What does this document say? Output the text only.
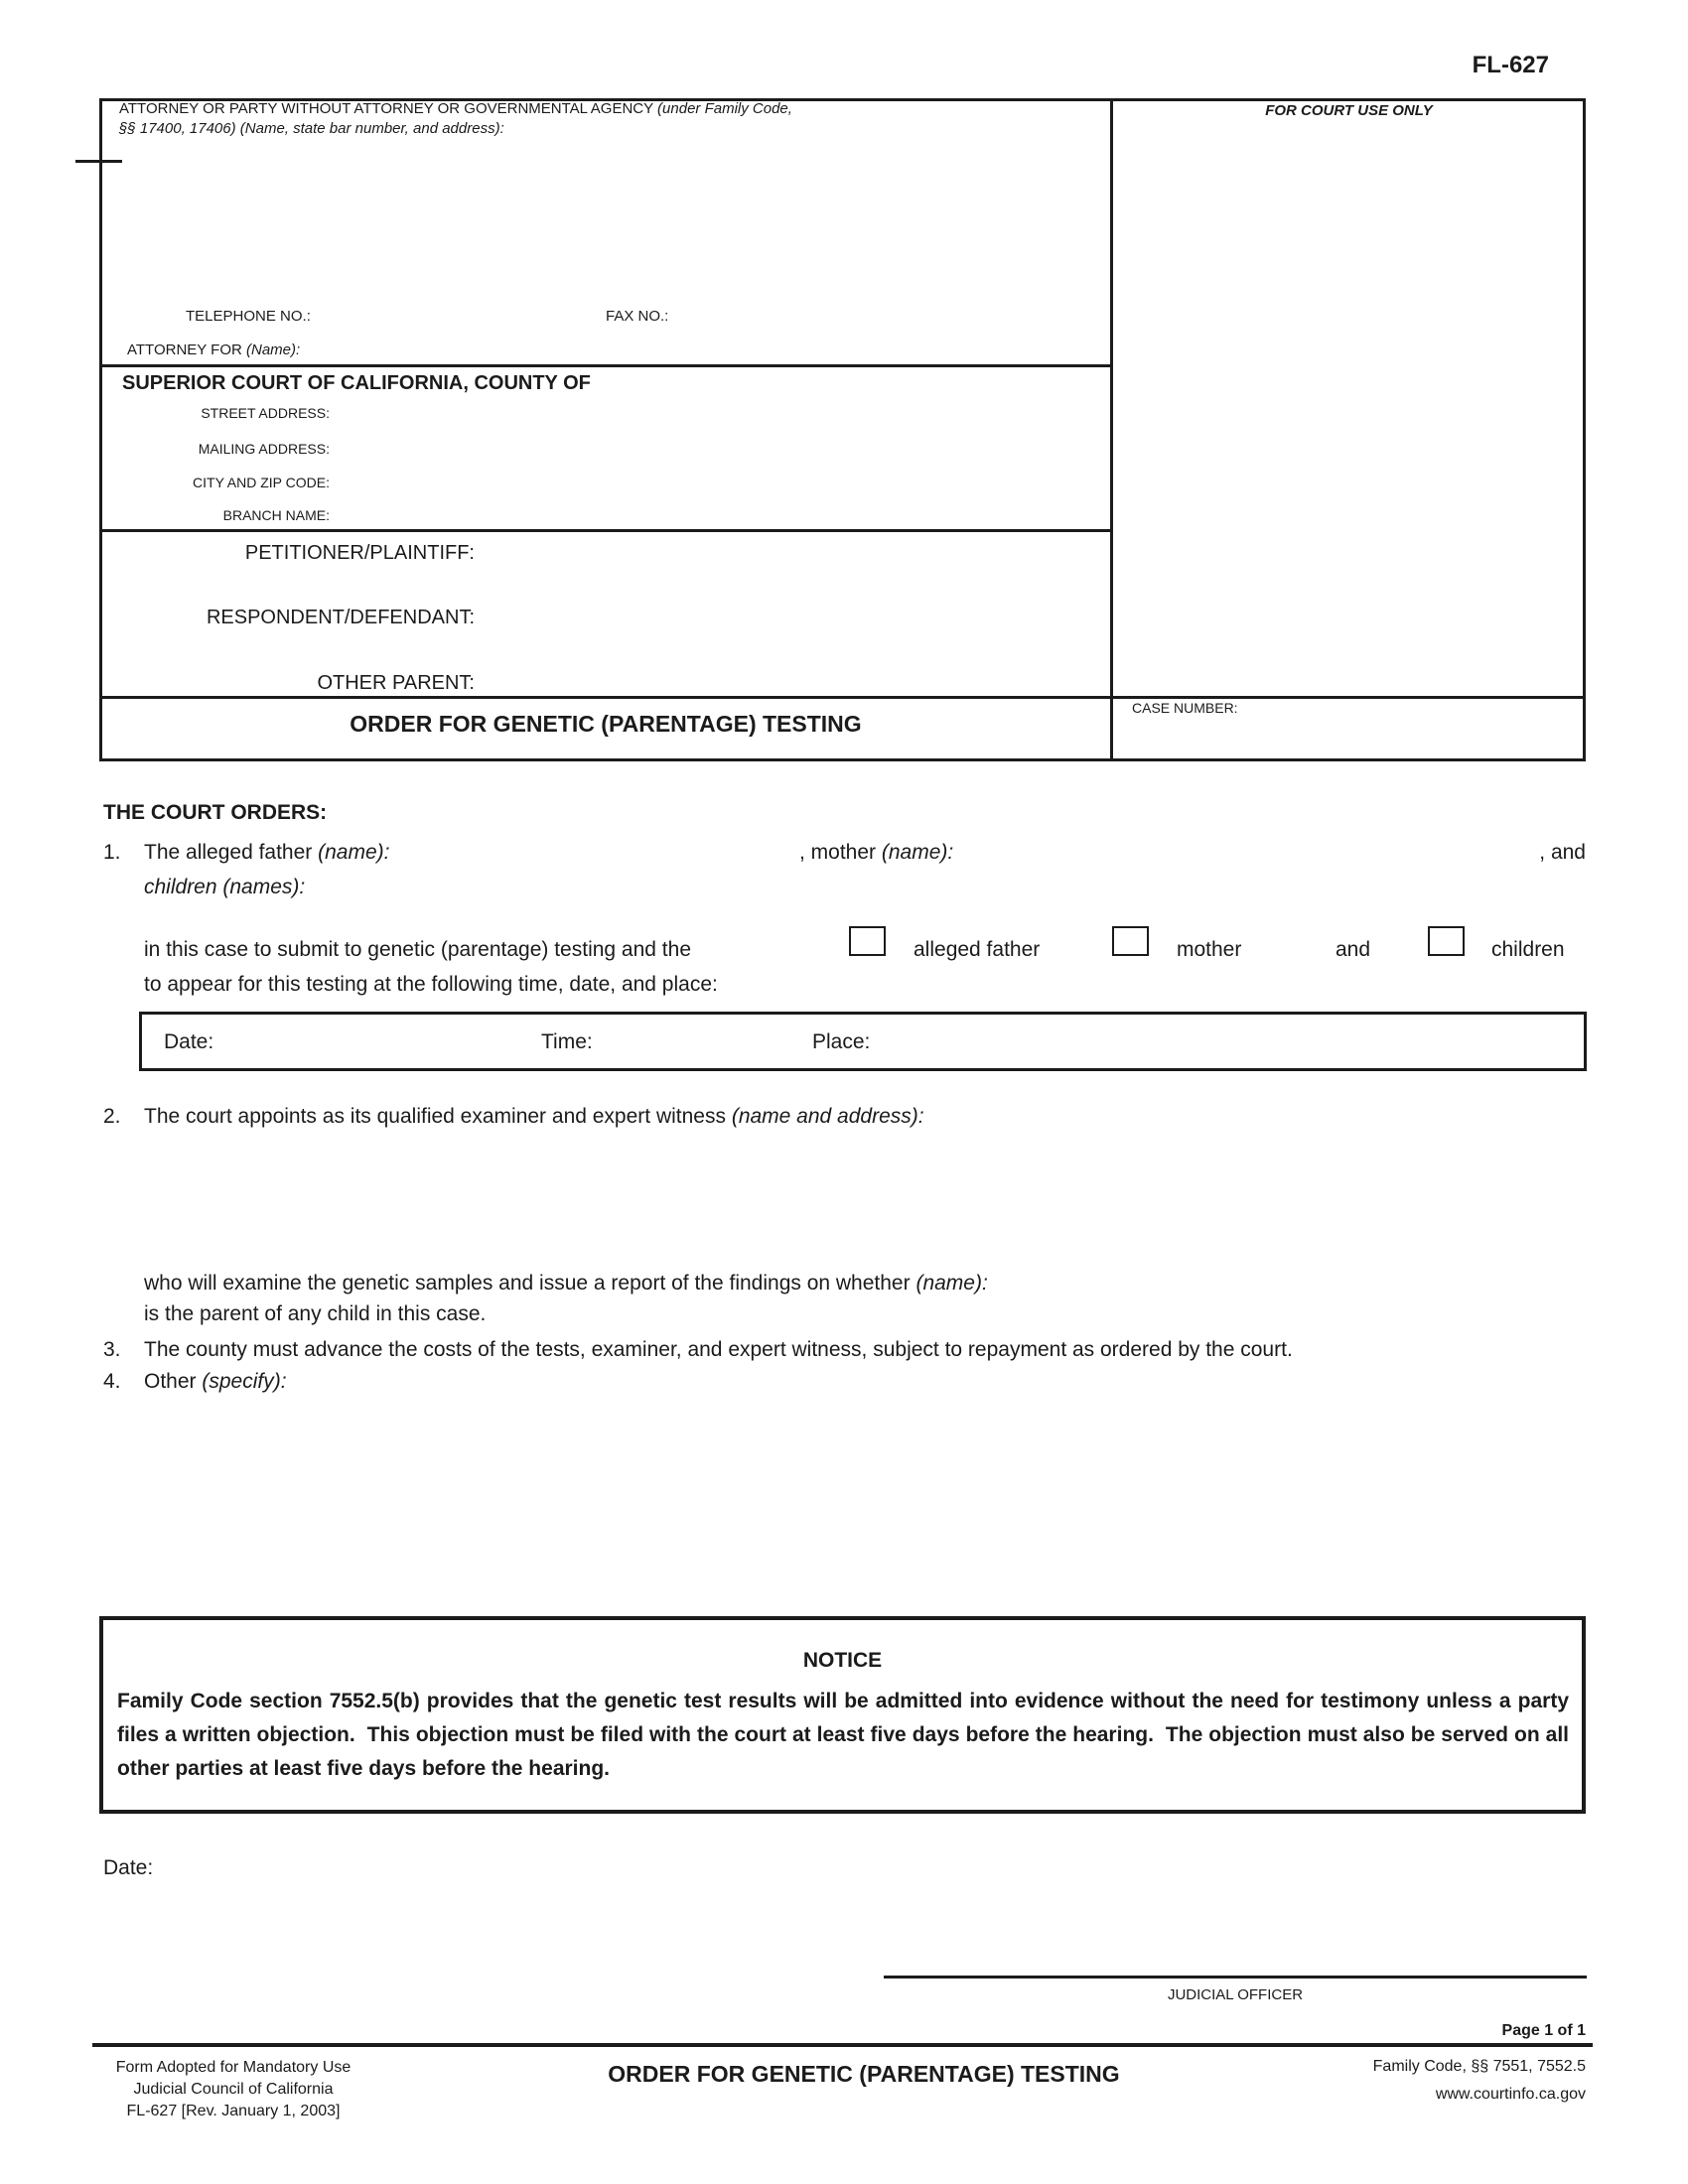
FL-627
ATTORNEY OR PARTY WITHOUT ATTORNEY OR GOVERNMENTAL AGENCY (under Family Code,
§§ 17400, 17406) (Name, state bar number, and address):
TELEPHONE NO.:	FAX NO.:
ATTORNEY FOR (Name):
FOR COURT USE ONLY
SUPERIOR COURT OF CALIFORNIA, COUNTY OF
STREET ADDRESS:
MAILING ADDRESS:
CITY AND ZIP CODE:
BRANCH NAME:
PETITIONER/PLAINTIFF:
RESPONDENT/DEFENDANT:
OTHER PARENT:
ORDER FOR GENETIC (PARENTAGE) TESTING
CASE NUMBER:
THE COURT ORDERS:
1. The alleged father (name):	, mother (name):	, and
children (names):
in this case to submit to genetic (parentage) testing and the	alleged father	mother	and	children
to appear for this testing at the following time, date, and place:
Date:	Time:	Place:
2. The court appoints as its qualified examiner and expert witness (name and address):
who will examine the genetic samples and issue a report of the findings on whether (name):
is the parent of any child in this case.
3. The county must advance the costs of the tests, examiner, and expert witness, subject to repayment as ordered by the court.
4. Other (specify):
NOTICE
Family Code section 7552.5(b) provides that the genetic test results will be admitted into evidence without the need for testimony unless a party files a written objection.  This objection must be filed with the court at least five days before the hearing.  The objection must also be served on all other parties at least five days before the hearing.
Date:
JUDICIAL OFFICER
Page 1 of 1
Form Adopted for Mandatory Use
Judicial Council of California
FL-627 [Rev. January 1, 2003]
ORDER FOR GENETIC (PARENTAGE) TESTING	Family Code, §§ 7551, 7552.5
www.courtinfo.ca.gov
